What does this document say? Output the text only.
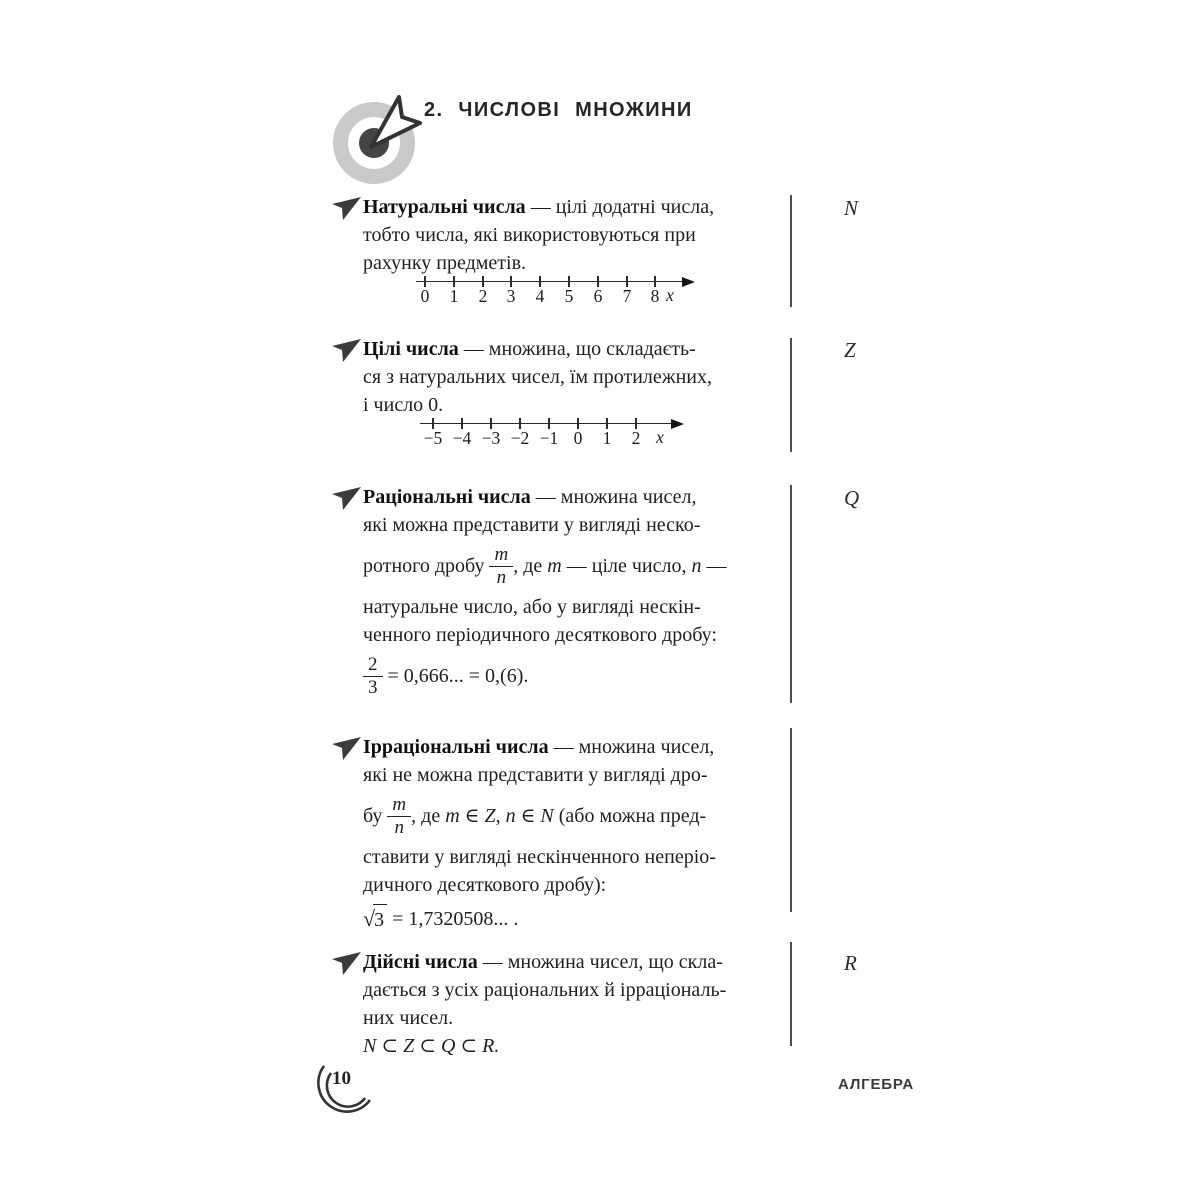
2. ЧИСЛОВІ МНОЖИНИ
Натуральні числа — цілі додатні числа,
тобто числа, які використовуються при
рахунку предметів.
0	1	2	3	4	5	6	7	8 x
N
Цілі числа — множина, що складаєть-
ся з натуральних чисел, їм протилежних,
і число 0.
−5 −4 −3 −2 −1 0	1	2 x
Z
Раціональні числа — множина чисел,
які можна представити у вигляді неско-
ротного дробу $\frac{m}{n}$ , де m — ціле число, n —
натуральне число, або у вигляді нескін-
ченного періодичного десяткового дробу:
$\frac{2}{3} = 0,666$... = 0,(6).
Q
Ірраціональні числа — множина чисел,
які не можна представити у вигляді дро-
бу $\frac{m}{n}$ , де m ∈ Z , n ∈ N (або можна пред-
ставити у вигляді нескінченного неперіо-
дичного десяткового дробу):
√ 3 = 1,7320508... .
Дійсні числа — множина чисел, що скла-
дається з усіх раціональних й ірраціональ-
них чисел.
N ⊂ Z ⊂ Q ⊂ R.
R
10	АЛГЕБРА
